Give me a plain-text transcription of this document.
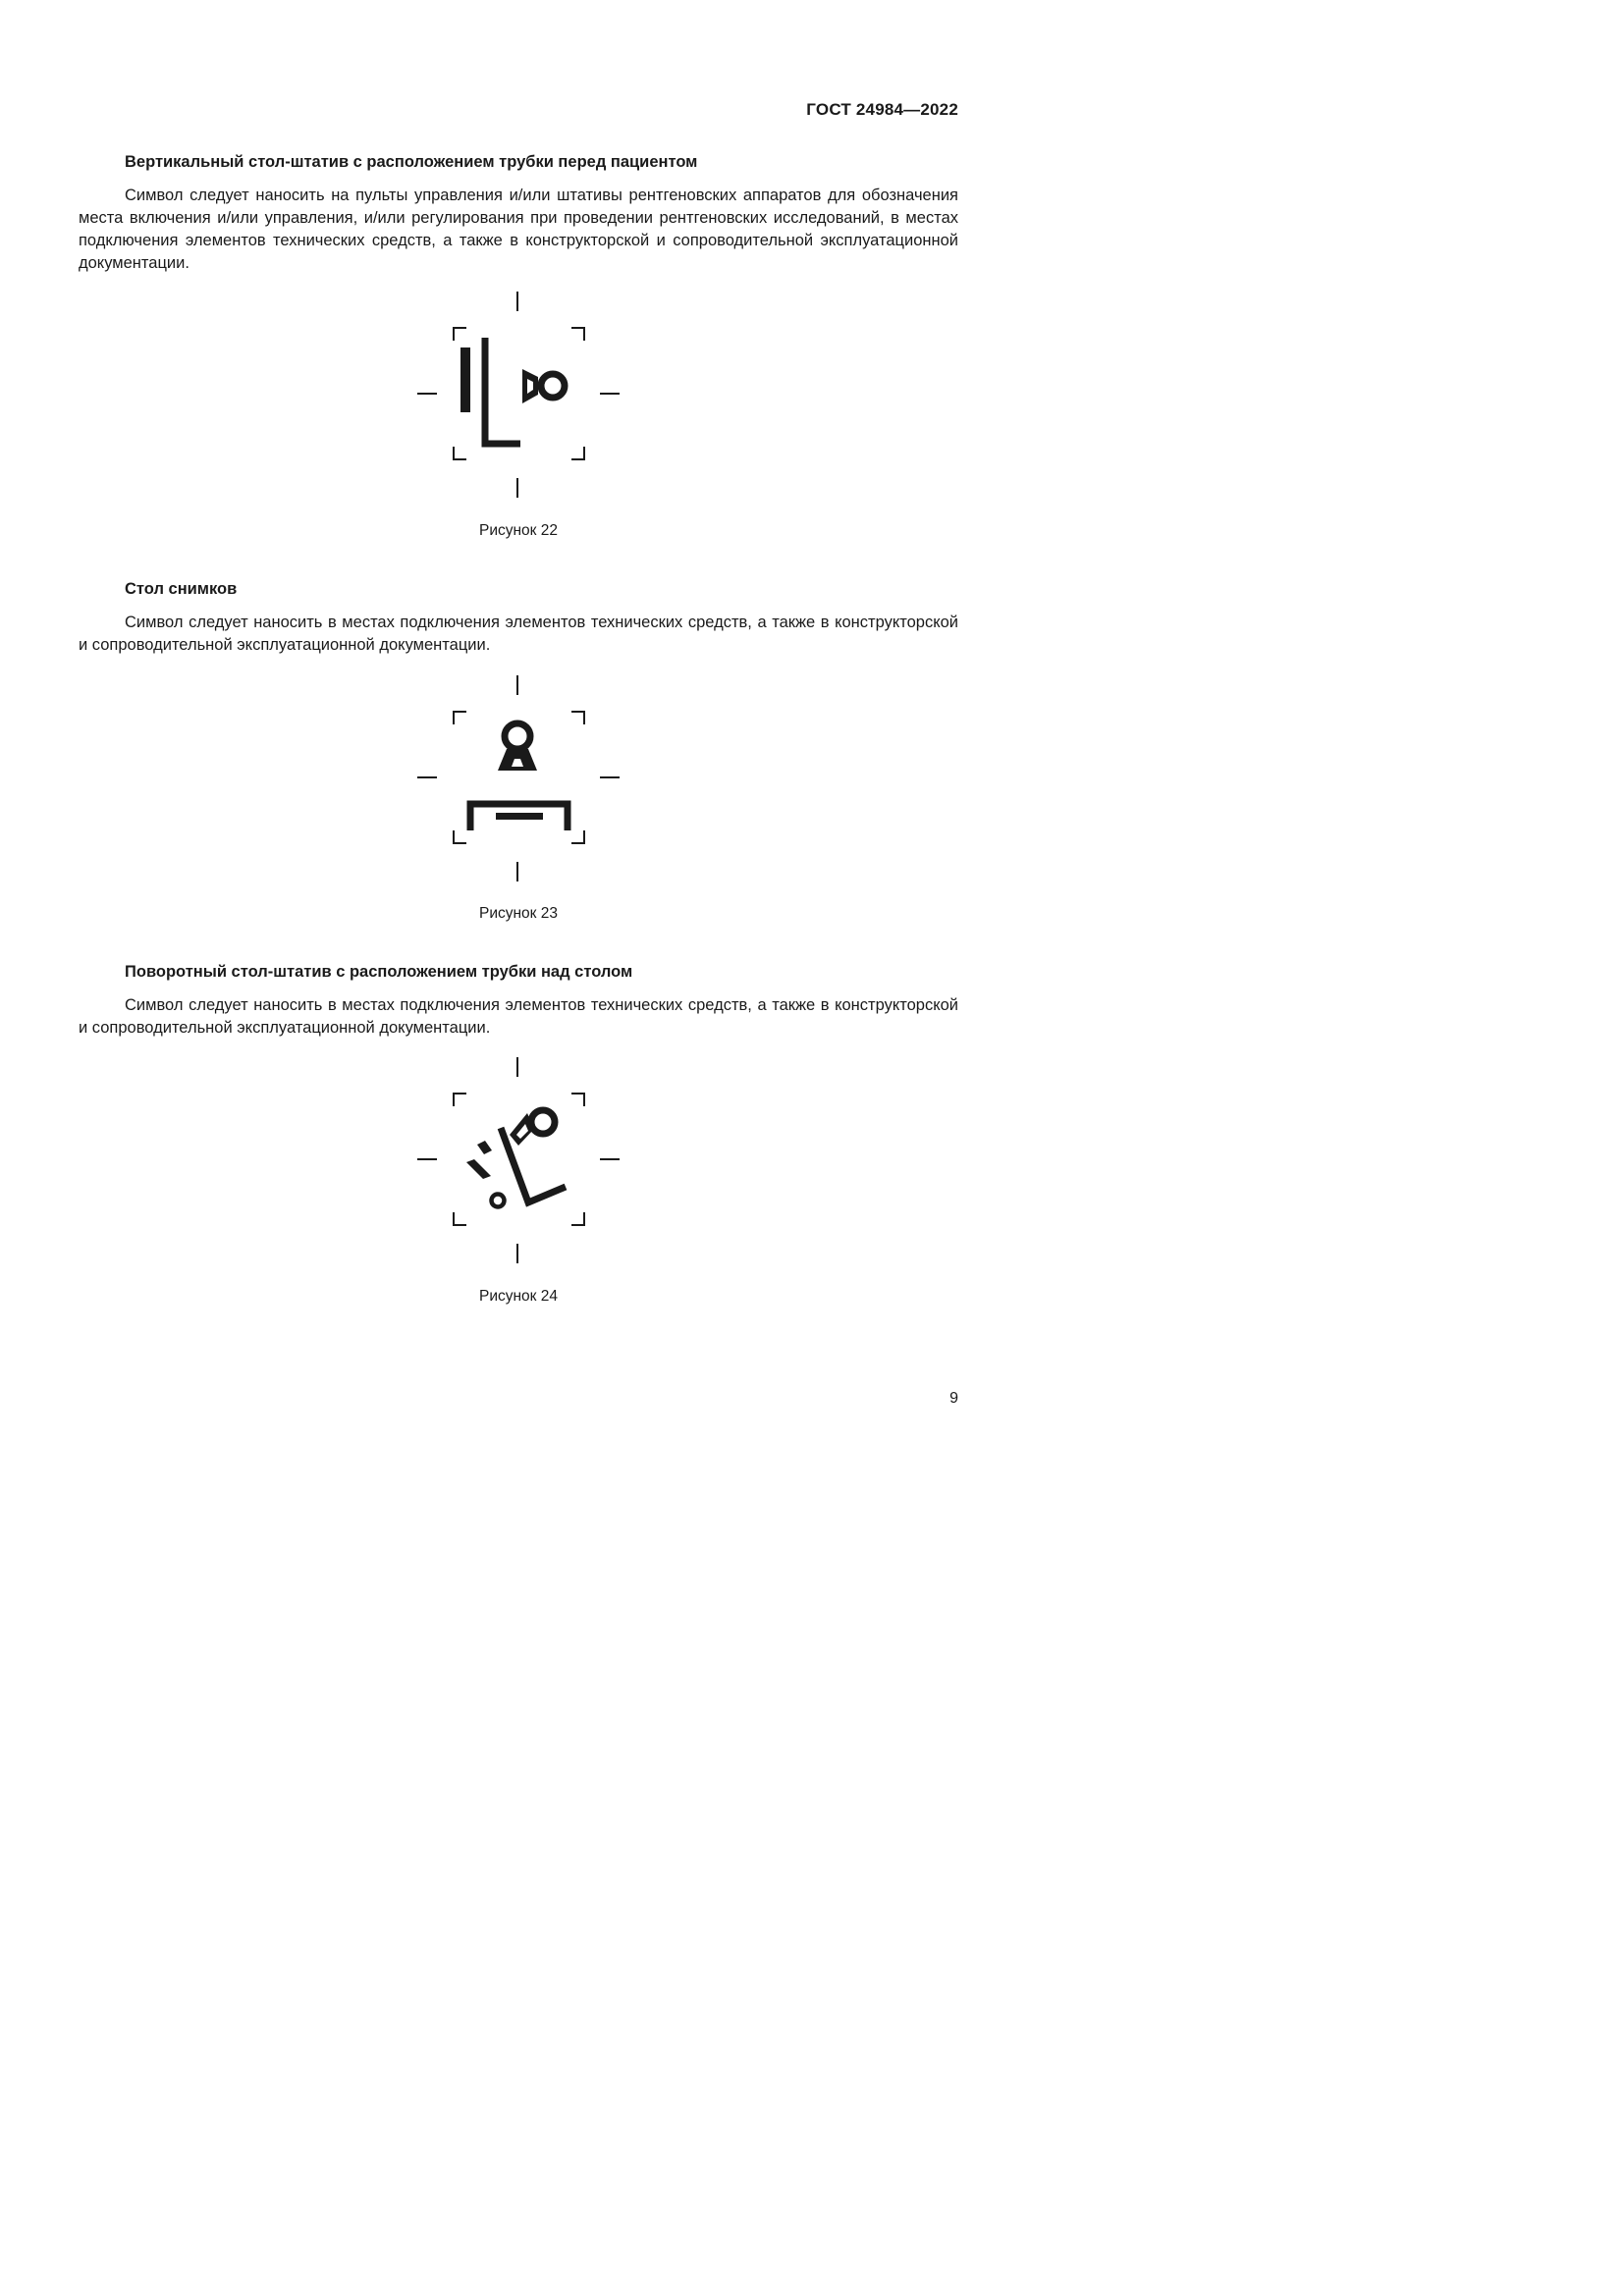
ГОСТ 24984—2022
Вертикальный стол-штатив с расположением трубки перед пациентом

Символ следует наносить на пульты управления и/или штативы рентгеновских аппаратов для обозначения места включения и/или управления, и/или регулирования при проведении рентгеновских исследований, в местах подключения элементов технических средств, а также в конструкторской и сопроводительной эксплуатационной документации.

Рисунок 22
Стол снимков

Символ следует наносить в местах подключения элементов технических средств, а также в конструкторской и сопроводительной эксплуатационной документации.

Рисунок 23
Поворотный стол-штатив с расположением трубки над столом

Символ следует наносить в местах подключения элементов технических средств, а также в конструкторской и сопроводительной эксплуатационной документации.

Рисунок 24
9
